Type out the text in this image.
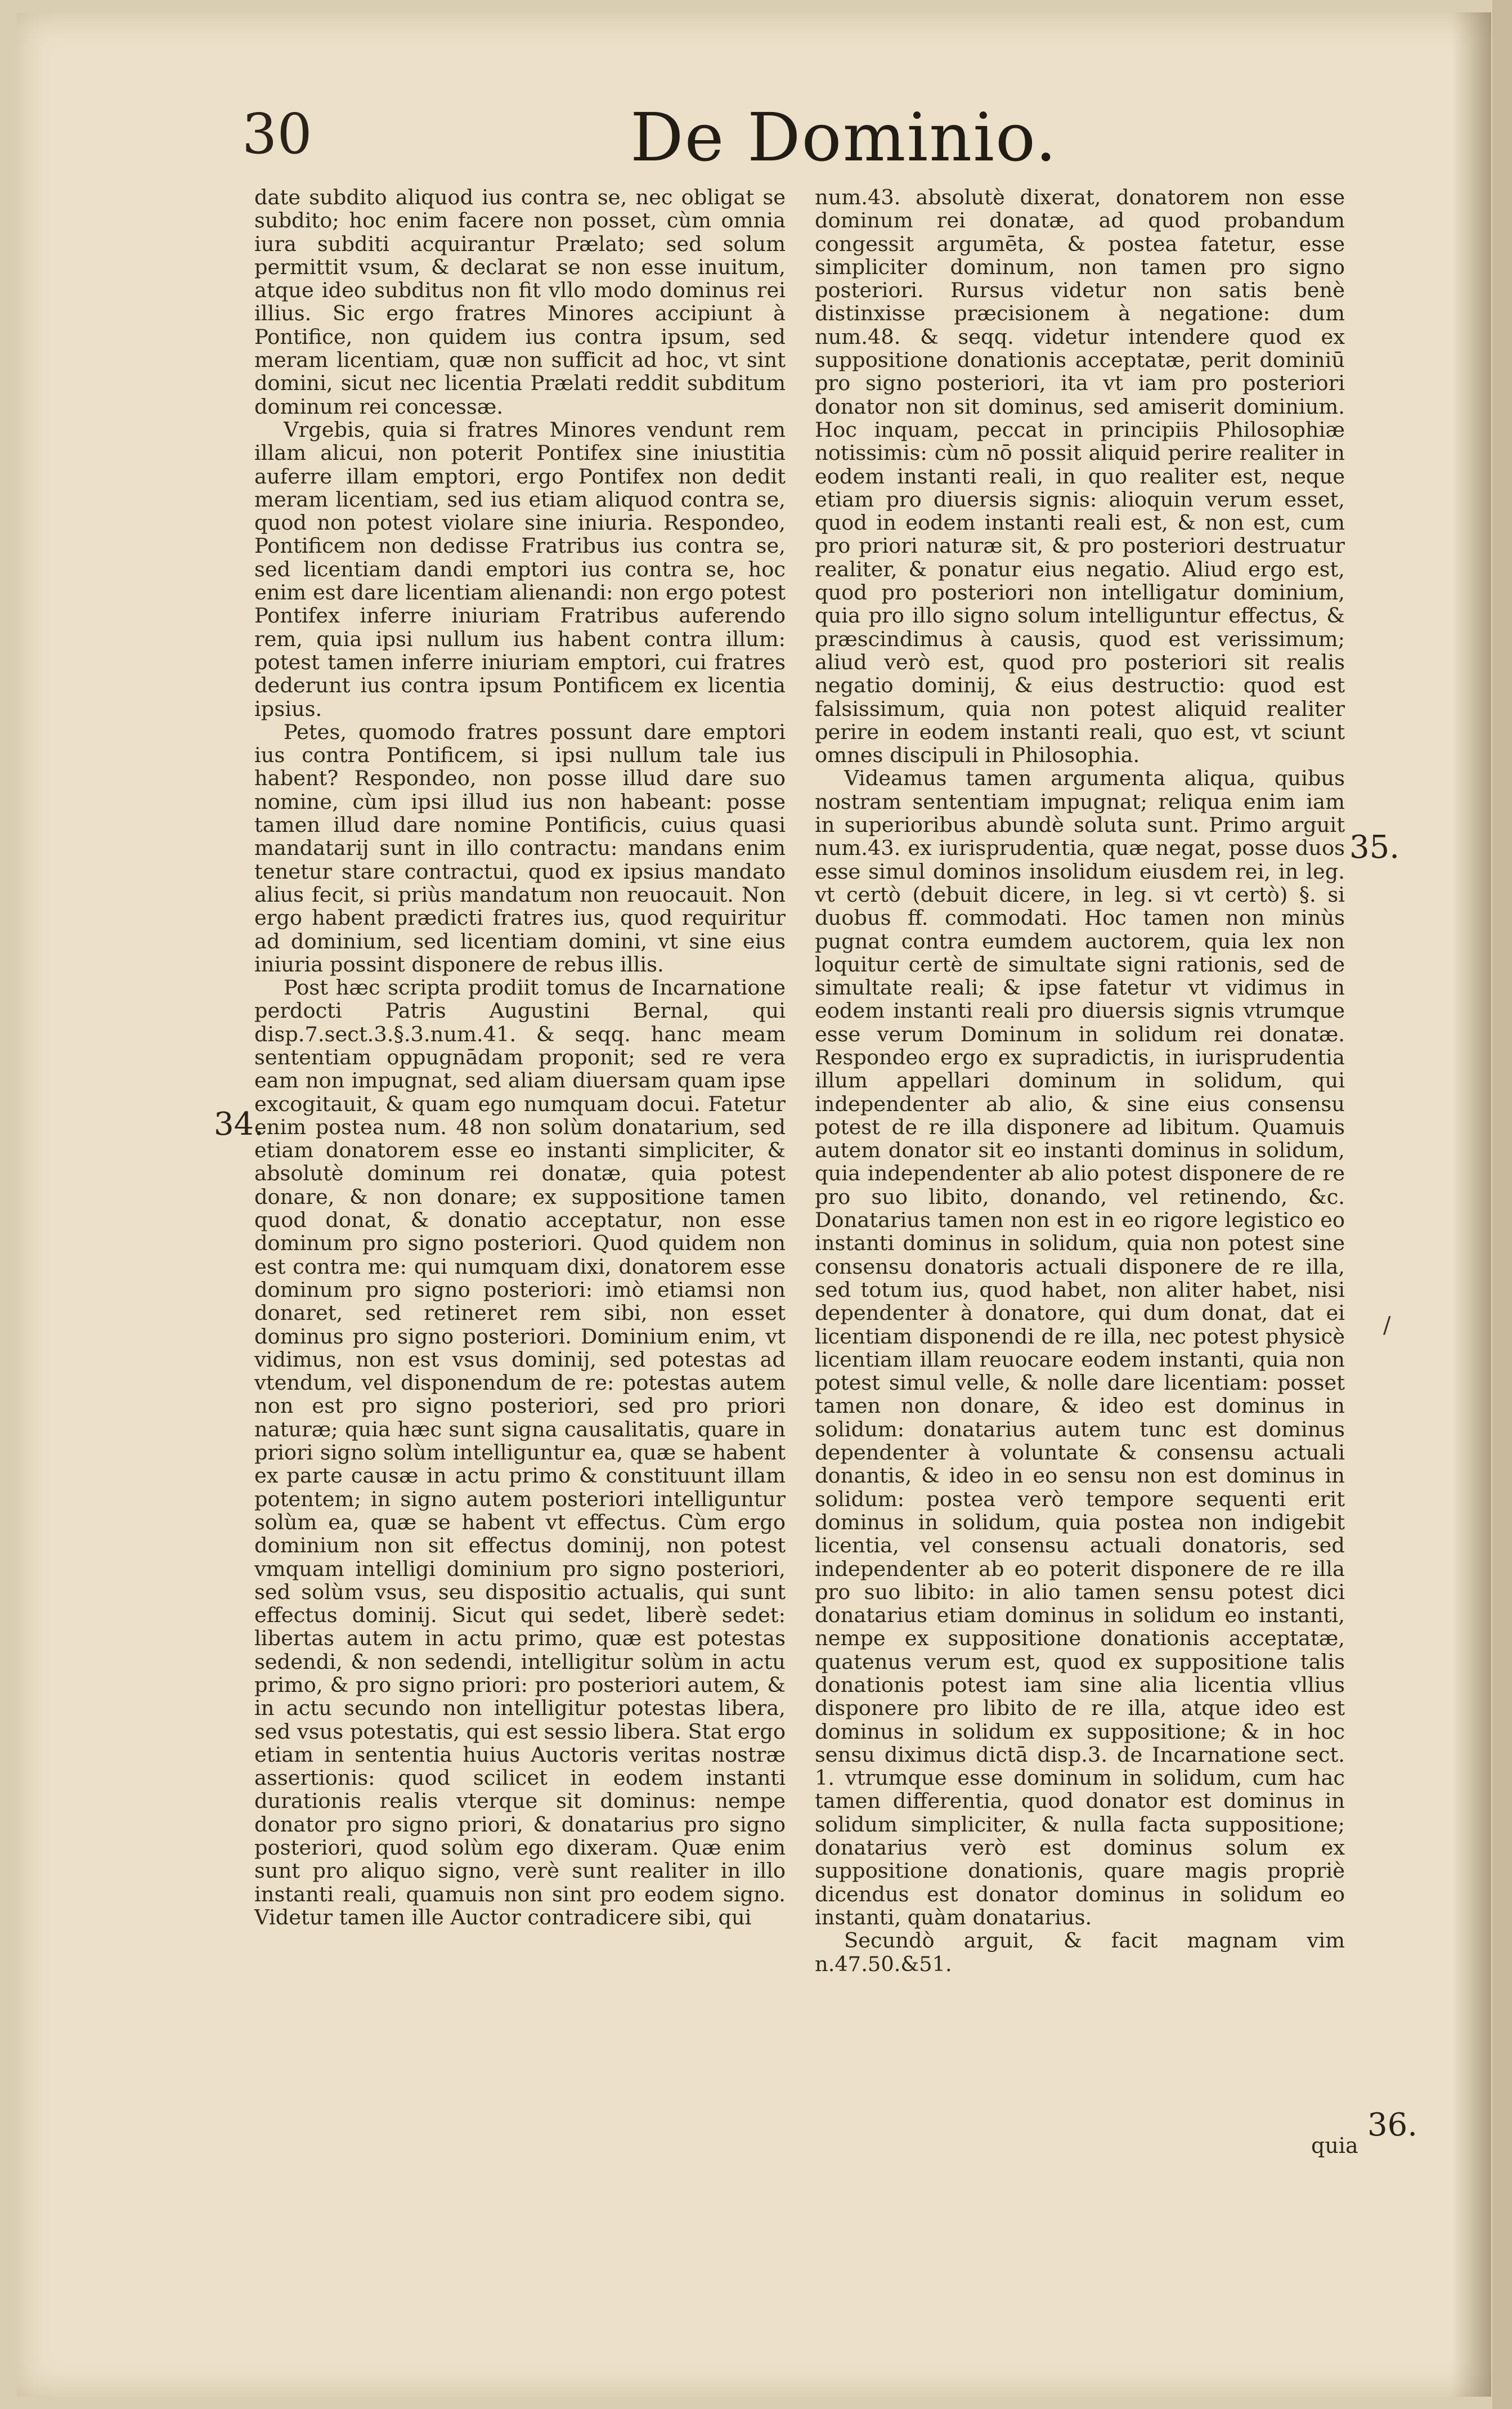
30	De Dominio.

date subdito aliquod ius contra se, nec obligat se subdito; hoc enim facere non posset, cùm omnia iura subditi acquirantur Prælato; sed solum permittit vsum, & declarat se non esse inuitum, atque ideo subditus non fit vllo modo dominus rei illius. Sic ergo fratres Minores accipiunt à Pontifice, non quidem ius contra ipsum, sed meram licentiam, quæ non sufficit ad hoc, vt sint domini, sicut nec licentia Prælati reddit subditum dominum rei concessæ.

Vrgebis, quia si fratres Minores vendunt rem illam alicui, non poterit Pontifex sine iniustitia auferre illam emptori, ergo Pontifex non dedit meram licentiam, sed ius etiam aliquod contra se, quod non potest violare sine iniuria. Respondeo, Pontificem non dedisse Fratribus ius contra se, sed licentiam dandi emptori ius contra se, hoc enim est dare licentiam alienandi: non ergo potest Pontifex inferre iniuriam Fratribus auferendo rem, quia ipsi nullum ius habent contra illum: potest tamen inferre iniuriam emptori, cui fratres dederunt ius contra ipsum Pontificem ex licentia ipsius.

Petes, quomodo fratres possunt dare emptori ius contra Pontificem, si ipsi nullum tale ius habent? Respondeo, non posse illud dare suo nomine, cùm ipsi illud ius non habeant: posse tamen illud dare nomine Pontificis, cuius quasi mandatarij sunt in illo contractu: mandans enim tenetur stare contractui, quod ex ipsius mandato alius fecit, si priùs mandatum non reuocauit. Non ergo habent prædicti fratres ius, quod requiritur ad dominium, sed licentiam domini, vt sine eius iniuria possint disponere de rebus illis.

Post hæc scripta prodiit tomus de Incarnatione perdocti Patris Augustini Bernal, qui disp.7.sect.3.§.3.num.41. & seqq. hanc meam sententiam oppugnādam proponit; sed re vera eam non impugnat, sed aliam diuersam quam ipse excogitauit, & quam ego numquam docui. Fatetur enim postea num. 48 non solùm donatarium, sed etiam donatorem esse eo instanti simpliciter, & absolutè dominum rei donatæ, quia potest donare, & non donare; ex suppositione tamen quod donat, & donatio acceptatur, non esse dominum pro signo posteriori. Quod quidem non est contra me: qui numquam dixi, donatorem esse dominum pro signo posteriori: imò etiamsi non donaret, sed retineret rem sibi, non esset dominus pro signo posteriori. Dominium enim, vt vidimus, non est vsus dominij, sed potestas ad vtendum, vel disponendum de re: potestas autem non est pro signo posteriori, sed pro priori naturæ; quia hæc sunt signa causalitatis, quare in priori signo solùm intelliguntur ea, quæ se habent ex parte causæ in actu primo & constituunt illam potentem; in signo autem posteriori intelliguntur solùm ea, quæ se habent vt effectus. Cùm ergo dominium non sit effectus dominij, non potest vmquam intelligi dominium pro signo posteriori, sed solùm vsus, seu dispositio actualis, qui sunt effectus dominij. Sicut qui sedet, liberè sedet: libertas autem in actu primo, quæ est potestas sedendi, & non sedendi, intelligitur solùm in actu primo, & pro signo priori: pro posteriori autem, & in actu secundo non intelligitur potestas libera, sed vsus potestatis, qui est sessio libera. Stat ergo etiam in sententia huius Auctoris veritas nostræ assertionis: quod scilicet in eodem instanti durationis realis vterque sit dominus: nempe donator pro signo priori, & donatarius pro signo posteriori, quod solùm ego dixeram. Quæ enim sunt pro aliquo signo, verè sunt realiter in illo instanti reali, quamuis non sint pro eodem signo. Videtur tamen ille Auctor contradicere sibi, qui

num.43. absolutè dixerat, donatorem non esse dominum rei donatæ, ad quod probandum congessit argumēta, & postea fatetur, esse simpliciter dominum, non tamen pro signo posteriori. Rursus videtur non satis benè distinxisse præcisionem à negatione: dum num.48. & seqq. videtur intendere quod ex suppositione donationis acceptatæ, perit dominiū pro signo posteriori, ita vt iam pro posteriori donator non sit dominus, sed amiserit dominium. Hoc inquam, peccat in principiis Philosophiæ notissimis: cùm nō possit aliquid perire realiter in eodem instanti reali, in quo realiter est, neque etiam pro diuersis signis: alioquin verum esset, quod in eodem instanti reali est, & non est, cum pro priori naturæ sit, & pro posteriori destruatur realiter, & ponatur eius negatio. Aliud ergo est, quod pro posteriori non intelligatur dominium, quia pro illo signo solum intelliguntur effectus, & præscindimus à causis, quod est verissimum; aliud verò est, quod pro posteriori sit realis negatio dominij, & eius destructio: quod est falsissimum, quia non potest aliquid realiter perire in eodem instanti reali, quo est, vt sciunt omnes discipuli in Philosophia.

Videamus tamen argumenta aliqua, quibus nostram sententiam impugnat; reliqua enim iam in superioribus abundè soluta sunt. Primo arguit num.43. ex iurisprudentia, quæ negat, posse duos esse simul dominos insolidum eiusdem rei, in leg. vt certò (debuit dicere, in leg. si vt certò) §. si duobus ff. commodati. Hoc tamen non minùs pugnat contra eumdem auctorem, quia lex non loquitur certè de simultate signi rationis, sed de simultate reali; & ipse fatetur vt vidimus in eodem instanti reali pro diuersis signis vtrumque esse verum Dominum in solidum rei donatæ. Respondeo ergo ex supradictis, in iurisprudentia illum appellari dominum in solidum, qui independenter ab alio, & sine eius consensu potest de re illa disponere ad libitum. Quamuis autem donator sit eo instanti dominus in solidum, quia independenter ab alio potest disponere de re pro suo libito, donando, vel retinendo, &c. Donatarius tamen non est in eo rigore legistico eo instanti dominus in solidum, quia non potest sine consensu donatoris actuali disponere de re illa, sed totum ius, quod habet, non aliter habet, nisi dependenter à donatore, qui dum donat, dat ei licentiam disponendi de re illa, nec potest physicè licentiam illam reuocare eodem instanti, quia non potest simul velle, & nolle dare licentiam: posset tamen non donare, & ideo est dominus in solidum: donatarius autem tunc est dominus dependenter à voluntate & consensu actuali donantis, & ideo in eo sensu non est dominus in solidum: postea verò tempore sequenti erit dominus in solidum, quia postea non indigebit licentia, vel consensu actuali donatoris, sed independenter ab eo poterit disponere de re illa pro suo libito: in alio tamen sensu potest dici donatarius etiam dominus in solidum eo instanti, nempe ex suppositione donationis acceptatæ, quatenus verum est, quod ex suppositione talis donationis potest iam sine alia licentia vllius disponere pro libito de re illa, atque ideo est dominus in solidum ex suppositione; & in hoc sensu diximus dictā disp.3. de Incarnatione sect. 1. vtrumque esse dominum in solidum, cum hac tamen differentia, quod donator est dominus in solidum simpliciter, & nulla facta suppositione; donatarius verò est dominus solum ex suppositione donationis, quare magis propriè dicendus est donator dominus in solidum eo instanti, quàm donatarius.

Secundò arguit, & facit magnam vim n.47.50.&51.

34.
35.
36.
/
quia
